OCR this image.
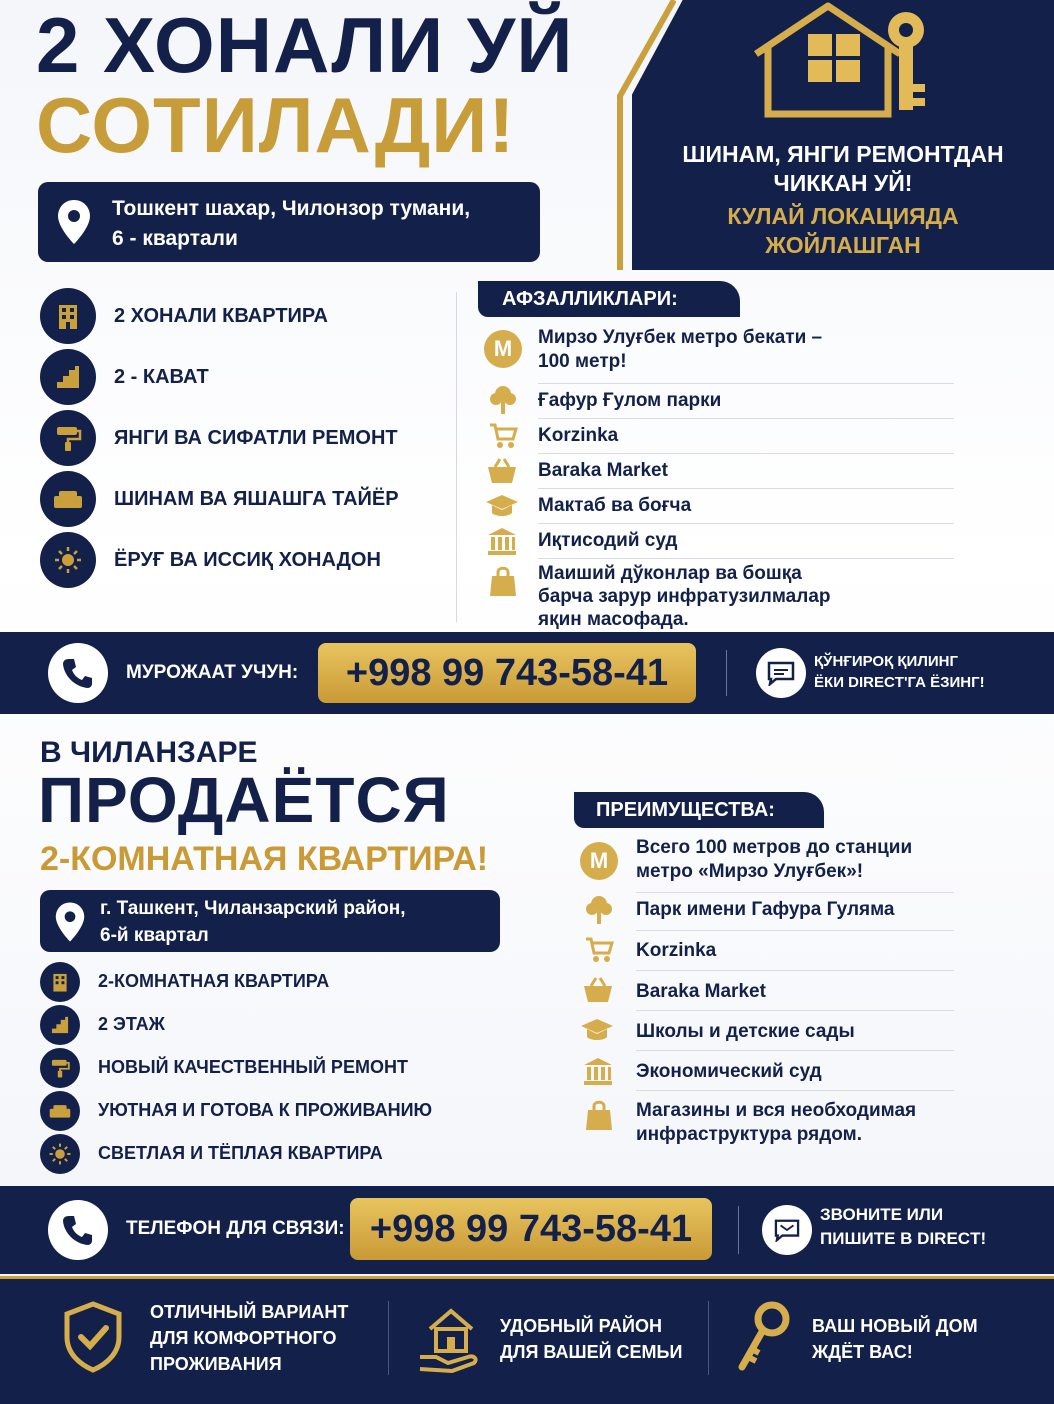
2 ХОНАЛИ УЙ
СОТИЛАДИ!	ШИНАМ, ЯНГИ РЕМОНТДАН
ЧИККАН УЙ!
КУЛАЙ ЛОКАЦИЯДА
ЖОЙЛАШГАН
Тошкент шахар, Чилонзор тумани,
6 - квартали
2 ХОНАЛИ КВАРТИРА
2 - КАВАТ
ЯНГИ ВА СИФАТЛИ РЕМОНТ
ШИНАМ ВА ЯШАШГА ТАЙЁР
ЁРУҒ ВА ИССИҚ ХОНАДОН
АФЗАЛЛИКЛАРИ:
M	Мирзо Улуғбек метро бекати –
100 метр!
Ғафур Ғулом парки
Korzinka
Baraka Market
Мактаб ва боғча
Иқтисодий суд
Маиший дўконлар ва бошқа
барча зарур инфратузилмалар
яқин масофада.
МУРОЖААТ УЧУН:	+998 99 743-58-41	ҚЎНҒИРОҚ ҚИЛИНГ
ЁКИ DIRECT'ГА ЁЗИНГ!
В ЧИЛАНЗАРЕ
ПРОДАЁТСЯ
2-КОМНАТНАЯ КВАРТИРА!
г. Ташкент, Чиланзарский район,
6-й квартал
2-КОМНАТНАЯ КВАРТИРА
2 ЭТАЖ
НОВЫЙ КАЧЕСТВЕННЫЙ РЕМОНТ
УЮТНАЯ И ГОТОВА К ПРОЖИВАНИЮ
СВЕТЛАЯ И ТЁПЛАЯ КВАРТИРА
ПРЕИМУЩЕСТВА:
M
Всего 100 метров до станции
метро «Мирзо Улуғбек»!
Парк имени Гафура Гуляма
Korzinka
Baraka Market
Школы и детские сады
Экономический суд
Магазины и вся необходимая
инфраструктура рядом.
ТЕЛЕФОН ДЛЯ СВЯЗИ: +998 99 743-58-41	ЗВОНИТЕ ИЛИ
ПИШИТЕ В DIRECT!
ОТЛИЧНЫЙ ВАРИАНТ
ДЛЯ КОМФОРТНОГО
ПРОЖИВАНИЯ
УДОБНЫЙ РАЙОН
ДЛЯ ВАШЕЙ СЕМЬИ
ВАШ НОВЫЙ ДОМ
ЖДЁТ ВАС!
